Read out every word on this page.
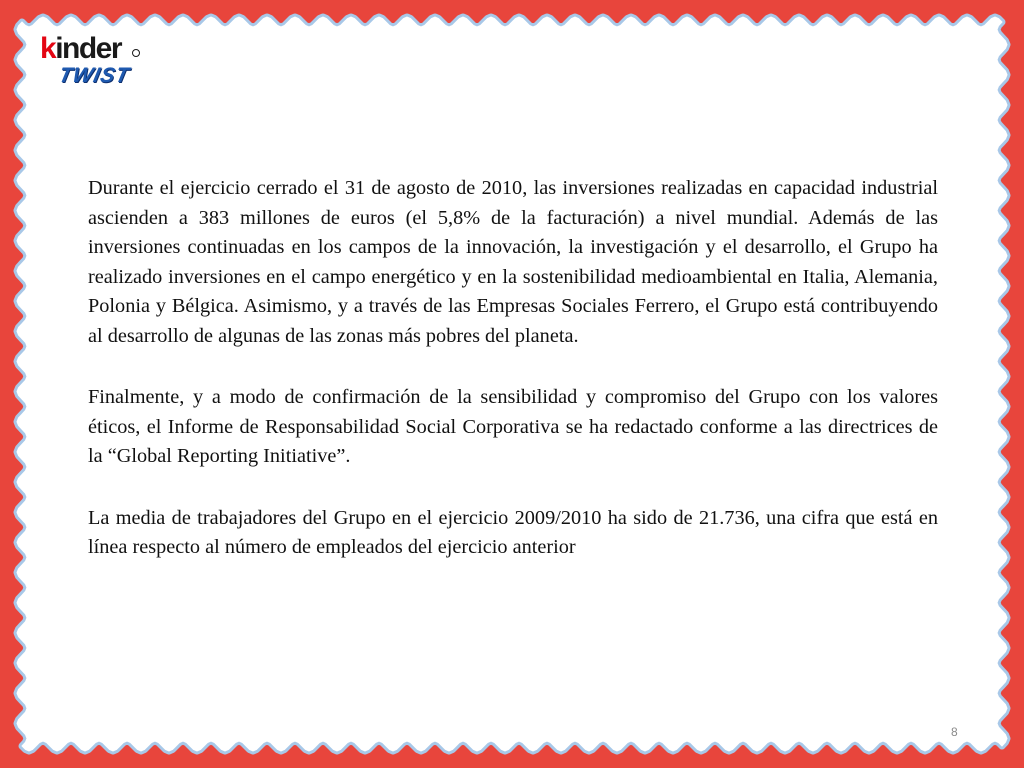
kinder
TWIST

Durante el ejercicio cerrado el 31 de agosto de 2010, las inversiones realizadas en capacidad industrial ascienden a 383 millones de euros (el 5,8% de la facturación) a nivel mundial. Además de las inversiones continuadas en los campos de la innovación, la investigación y el desarrollo, el Grupo ha realizado inversiones en el campo energético y en la sostenibilidad medioambiental en Italia, Alemania, Polonia y Bélgica. Asimismo, y a través de las Empresas Sociales Ferrero, el Grupo está contribuyendo al desarrollo de algunas de las zonas más pobres del planeta.

Finalmente, y a modo de confirmación de la sensibilidad y compromiso del Grupo con los valores éticos, el Informe de Responsabilidad Social Corporativa se ha redactado conforme a las directrices de la “Global Reporting Initiative”.

La media de trabajadores del Grupo en el ejercicio 2009/2010 ha sido de 21.736, una cifra que está en línea respecto al número de empleados del ejercicio anterior

8
